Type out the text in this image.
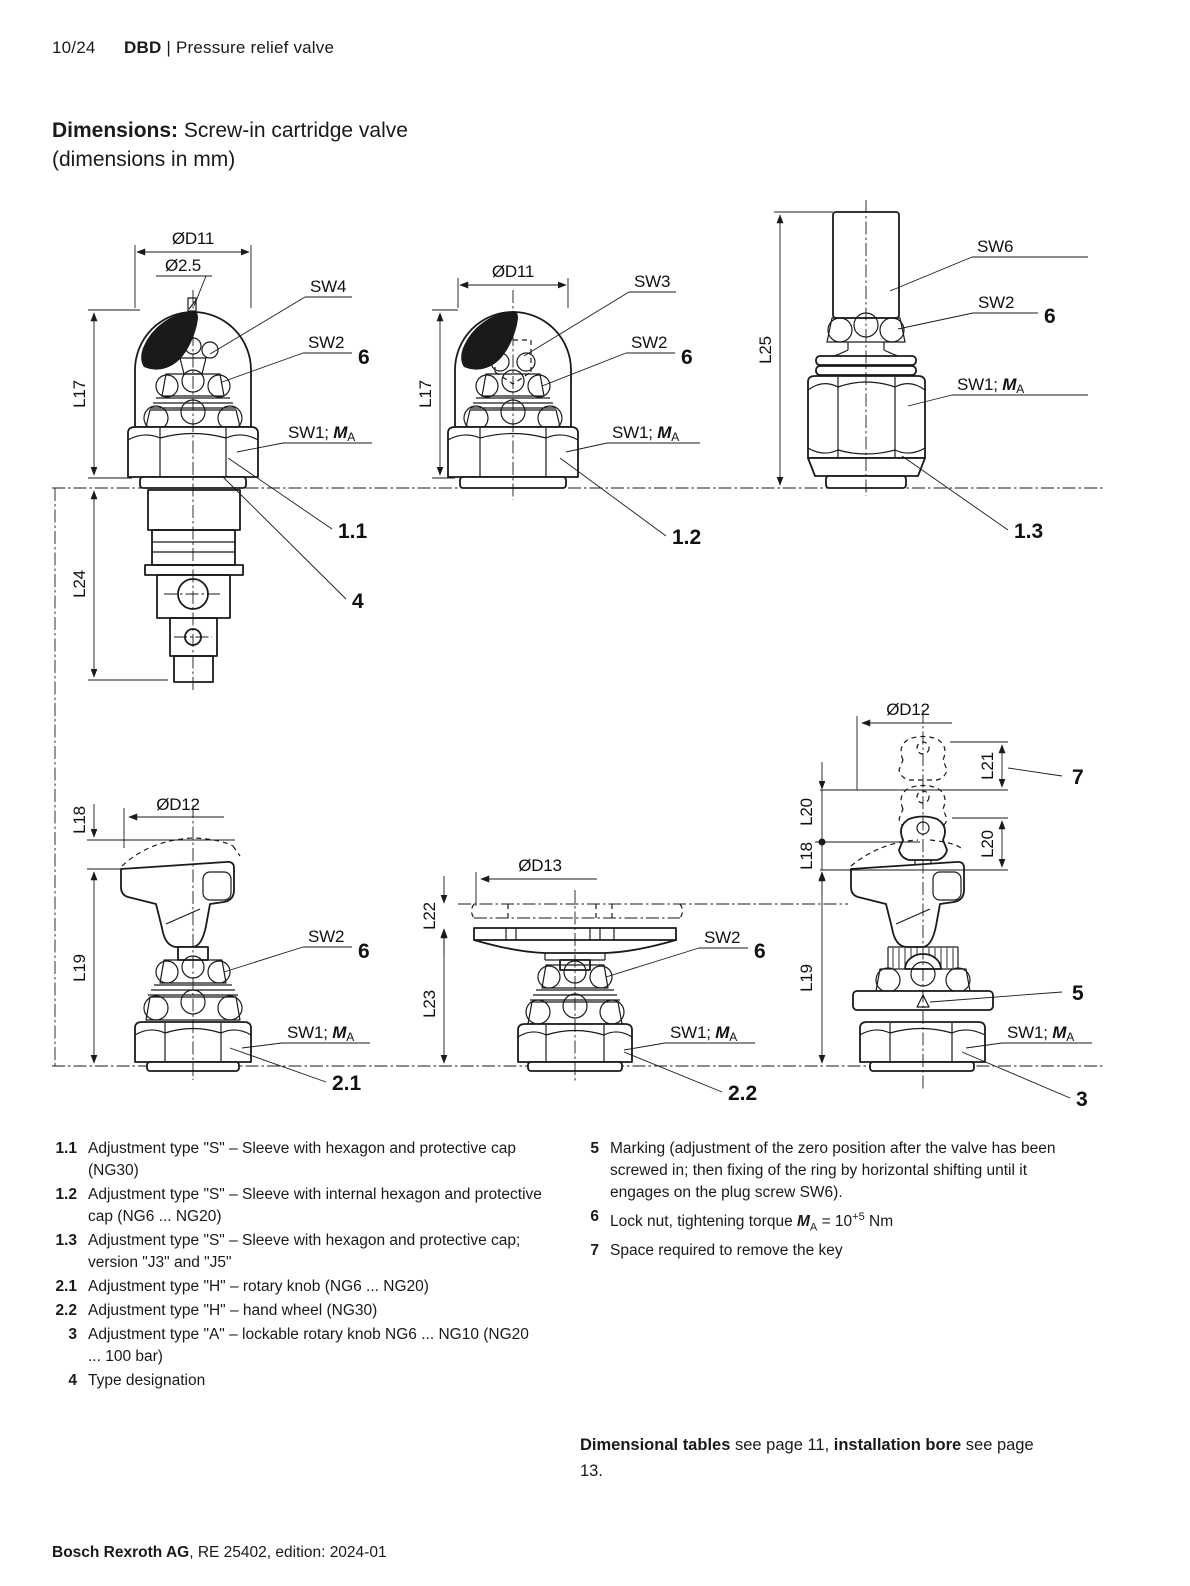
10/24 DBD | Pressure relief valve
Dimensions: Screw-in cartridge valve
(dimensions in mm)
ØD11
Ø2.5
L17
L24
SW4
SW2
6
SW1; MA
1.1
4
ØD11
L17
SW3
SW2
6
SW1; MA
1.2
L25
SW6
SW2
6
SW1; MA
1.3
ØD12
L18
L19
SW2
6
SW1; MA
2.1
ØD13
L22
L23
SW2
6
SW1; MA
2.2
ØD12
L21	7
L20
L20
L18
L19
5
SW1; MA
3
1.1 Adjustment type "S" – Sleeve with hexagon and protective cap (NG30)
1.2 Adjustment type "S" – Sleeve with internal hexagon and protective cap (NG6 ... NG20)
1.3 Adjustment type "S" – Sleeve with hexagon and protective cap; version "J3" and "J5"
2.1 Adjustment type "H" – rotary knob (NG6 ... NG20)
2.2 Adjustment type "H" – hand wheel (NG30)
3 Adjustment type "A" – lockable rotary knob NG6 ... NG10 (NG20 ... 100 bar)
4 Type designation
5 Marking (adjustment of the zero position after the valve has been screwed in; then fixing of the ring by horizontal shifting until it engages on the plug screw SW6).
6 Lock nut, tightening torque $M_A = 10^{+5}$ Nm
7 Space required to remove the key
Dimensional tables see page 11, installation bore see page 13.
Bosch Rexroth AG, RE 25402, edition: 2024-01
